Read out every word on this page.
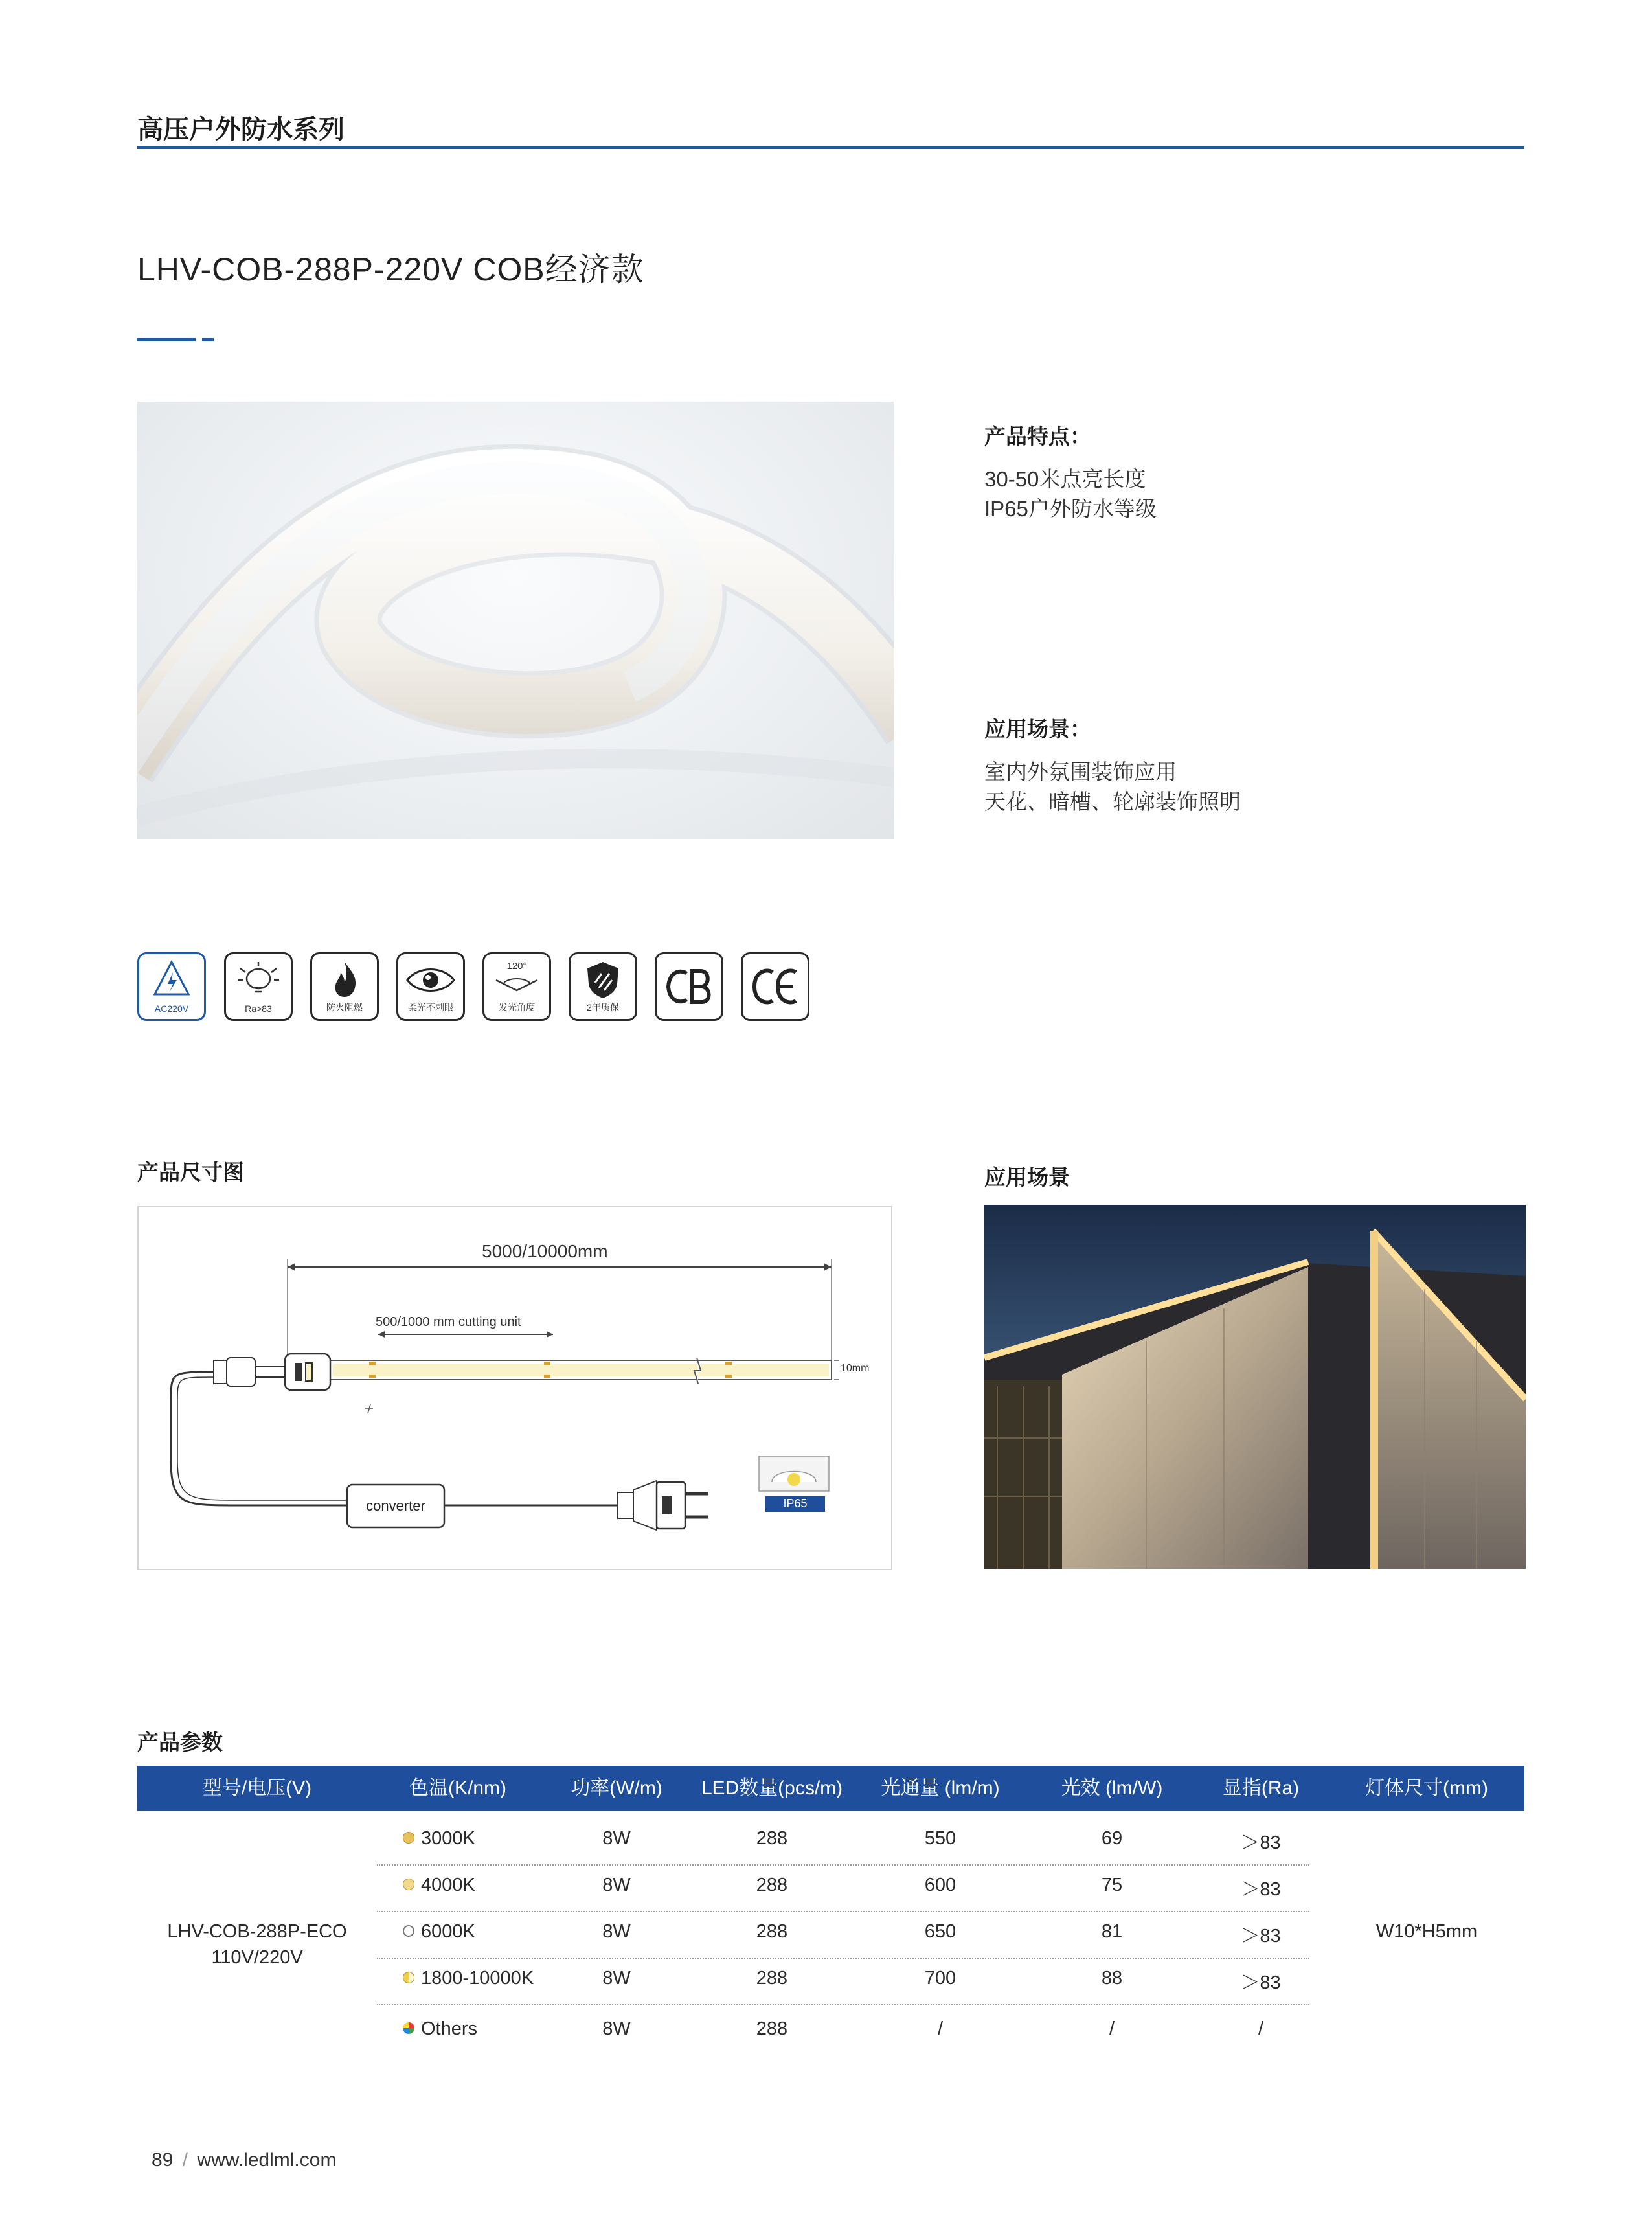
高压户外防水系列
LHV-COB-288P-220V COB经济款
产品特点：
30-50米点亮长度
IP65户外防水等级
应用场景：
室内外氛围装饰应用
天花、暗槽、轮廓装饰照明
AC220V	Ra>83	防火阻燃	柔光不刺眼
120°
发光角度	2年质保
产品尺寸图
5000/10000mm
500/1000 mm cutting unit
10mm
converter	IP65
应用场景
产品参数
型号/电压(V)	色温(K/nm)	功率(W/m)	LED数量(pcs/m)	光通量 (lm/m)	光效 (lm/W)	显指(Ra)	灯体尺寸(mm)
LHV-COB-288P-ECO
110V/220V
W10*H5mm
3000K	8W	288	550	69	＞83
4000K	8W	288	600	75	＞83
6000K	8W	288	650	81	＞83
1800-10000K	8W	288	700	88	＞83
Others	8W	288	/	/	/
89 / www.ledlml.com
